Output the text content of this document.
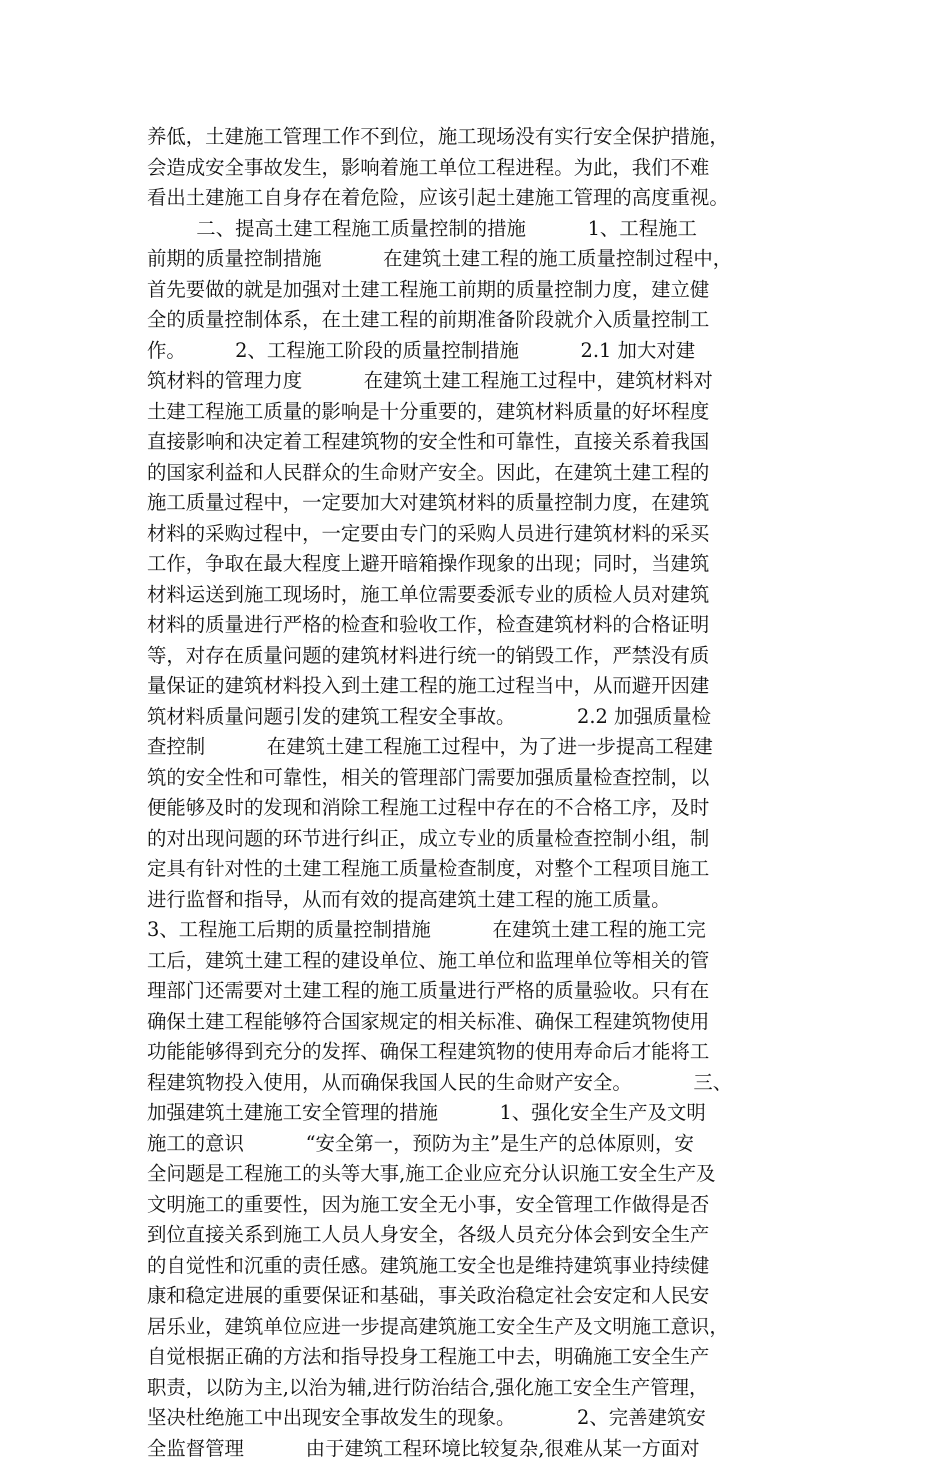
养低，土建施工管理工作不到位，施工现场没有实行安全保护措施，
会造成安全事故发生，影响着施工单位工程进程。为此，我们不难
看出土建施工自身存在着危险，应该引起土建施工管理的高度重视。
二、提高土建工程施工质量控制的措施          1、工程施工
前期的质量控制措施          在建筑土建工程的施工质量控制过程中，
首先要做的就是加强对土建工程施工前期的质量控制力度，建立健
全的质量控制体系，在土建工程的前期准备阶段就介入质量控制工
作。        2、工程施工阶段的质量控制措施          2.1 加大对建
筑材料的管理力度          在建筑土建工程施工过程中，建筑材料对
土建工程施工质量的影响是十分重要的，建筑材料质量的好坏程度
直接影响和决定着工程建筑物的安全性和可靠性，直接关系着我国
的国家利益和人民群众的生命财产安全。因此，在建筑土建工程的
施工质量过程中，一定要加大对建筑材料的质量控制力度，在建筑
材料的采购过程中，一定要由专门的采购人员进行建筑材料的采买
工作，争取在最大程度上避开暗箱操作现象的出现；同时，当建筑
材料运送到施工现场时，施工单位需要委派专业的质检人员对建筑
材料的质量进行严格的检查和验收工作，检查建筑材料的合格证明
等，对存在质量问题的建筑材料进行统一的销毁工作，严禁没有质
量保证的建筑材料投入到土建工程的施工过程当中，从而避开因建
筑材料质量问题引发的建筑工程安全事故。          2.2 加强质量检
查控制          在建筑土建工程施工过程中，为了进一步提高工程建
筑的安全性和可靠性，相关的管理部门需要加强质量检查控制，以
便能够及时的发现和消除工程施工过程中存在的不合格工序，及时
的对出现问题的环节进行纠正，成立专业的质量检查控制小组，制
定具有针对性的土建工程施工质量检查制度，对整个工程项目施工
进行监督和指导，从而有效的提高建筑土建工程的施工质量。
3、工程施工后期的质量控制措施          在建筑土建工程的施工完
工后，建筑土建工程的建设单位、施工单位和监理单位等相关的管
理部门还需要对土建工程的施工质量进行严格的质量验收。只有在
确保土建工程能够符合国家规定的相关标准、确保工程建筑物使用
功能能够得到充分的发挥、确保工程建筑物的使用寿命后才能将工
程建筑物投入使用，从而确保我国人民的生命财产安全。          三、
加强建筑土建施工安全管理的措施          1、强化安全生产及文明
施工的意识          “安全第一，预防为主”是生产的总体原则，安
全问题是工程施工的头等大事,施工企业应充分认识施工安全生产及
文明施工的重要性，因为施工安全无小事，安全管理工作做得是否
到位直接关系到施工人员人身安全，各级人员充分体会到安全生产
的自觉性和沉重的责任感。建筑施工安全也是维持建筑事业持续健
康和稳定进展的重要保证和基础，事关政治稳定社会安定和人民安
居乐业，建筑单位应进一步提高建筑施工安全生产及文明施工意识，
自觉根据正确的方法和指导投身工程施工中去，明确施工安全生产
职责，以防为主,以治为辅,进行防治结合,强化施工安全生产管理，
坚决杜绝施工中出现安全事故发生的现象。          2、完善建筑安
全监督管理          由于建筑工程环境比较复杂,很难从某一方面对
